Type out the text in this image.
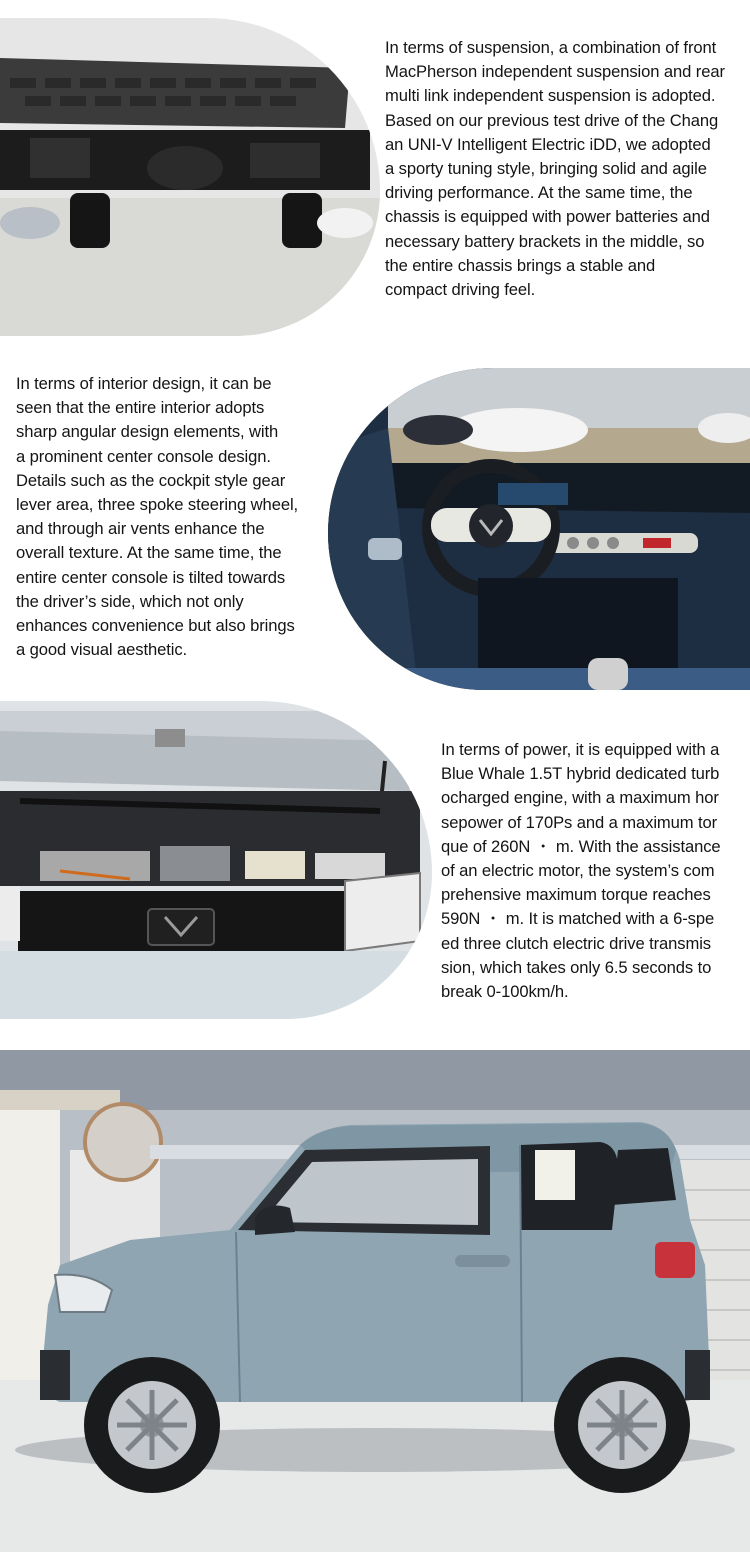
In terms of suspension, a combination of front
MacPherson independent suspension and rear
multi link independent suspension is adopted.
Based on our previous test drive of the Chang
an UNI-V Intelligent Electric iDD, we adopted
a sporty tuning style, bringing solid and agile
driving performance. At the same time, the
chassis is equipped with power batteries and
necessary battery brackets in the middle, so
the entire chassis brings a stable and
compact driving feel.
In terms of interior design, it can be
seen that the entire interior adopts
sharp angular design elements, with
a prominent center console design.
Details such as the cockpit style gear
lever area, three spoke steering wheel,
and through air vents enhance the
overall texture. At the same time, the
entire center console is tilted towards
the driver’s side, which not only
enhances convenience but also brings
a good visual aesthetic.
In terms of power, it is equipped with a
Blue Whale 1.5T hybrid dedicated turb
ocharged engine, with a maximum hor
sepower of 170Ps and a maximum tor
que of 260N ・ m. With the assistance
of an electric motor, the system’s com
prehensive maximum torque reaches
590N ・ m. It is matched with a 6-spe
ed three clutch electric drive transmis
sion, which takes only 6.5 seconds to
break 0-100km/h.
